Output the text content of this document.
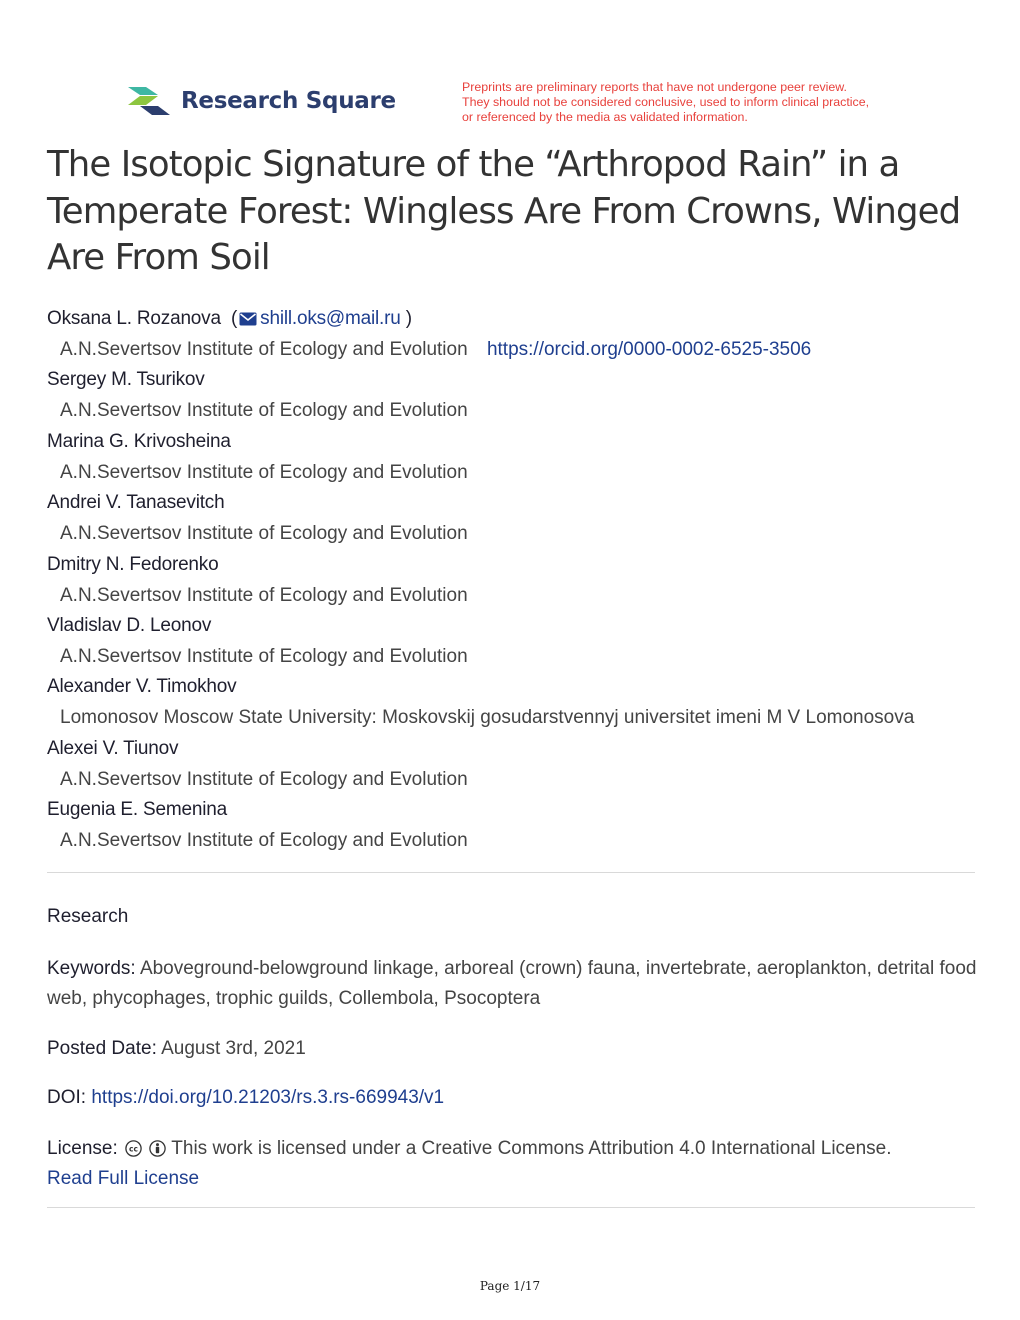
Research Square
Preprints are preliminary reports that have not undergone peer review.
They should not be considered conclusive, used to inform clinical practice,
or referenced by the media as validated information.
The Isotopic Signature of the “Arthropod Rain” in a Temperate Forest: Wingless Are From Crowns, Winged Are From Soil
Oksana L. Rozanova  ( shill.oks@mail.ru )
A.N.Severtsov Institute of Ecology and Evolution https://orcid.org/0000-0002-6525-3506
Sergey M. Tsurikov
A.N.Severtsov Institute of Ecology and Evolution
Marina G. Krivosheina
A.N.Severtsov Institute of Ecology and Evolution
Andrei V. Tanasevitch
A.N.Severtsov Institute of Ecology and Evolution
Dmitry N. Fedorenko
A.N.Severtsov Institute of Ecology and Evolution
Vladislav D. Leonov
A.N.Severtsov Institute of Ecology and Evolution
Alexander V. Timokhov
Lomonosov Moscow State University: Moskovskij gosudarstvennyj universitet imeni M V Lomonosova
Alexei V. Tiunov
A.N.Severtsov Institute of Ecology and Evolution
Eugenia E. Semenina
A.N.Severtsov Institute of Ecology and Evolution
Research
Keywords: Aboveground-belowground linkage, arboreal (crown) fauna, invertebrate, aeroplankton, detrital food web, phycophages, trophic guilds, Collembola, Psocoptera
Posted Date: August 3rd, 2021
DOI: https://doi.org/10.21203/rs.3.rs-669943/v1
License: cc This work is licensed under a Creative Commons Attribution 4.0 International License.
Read Full License
Page 1/17
